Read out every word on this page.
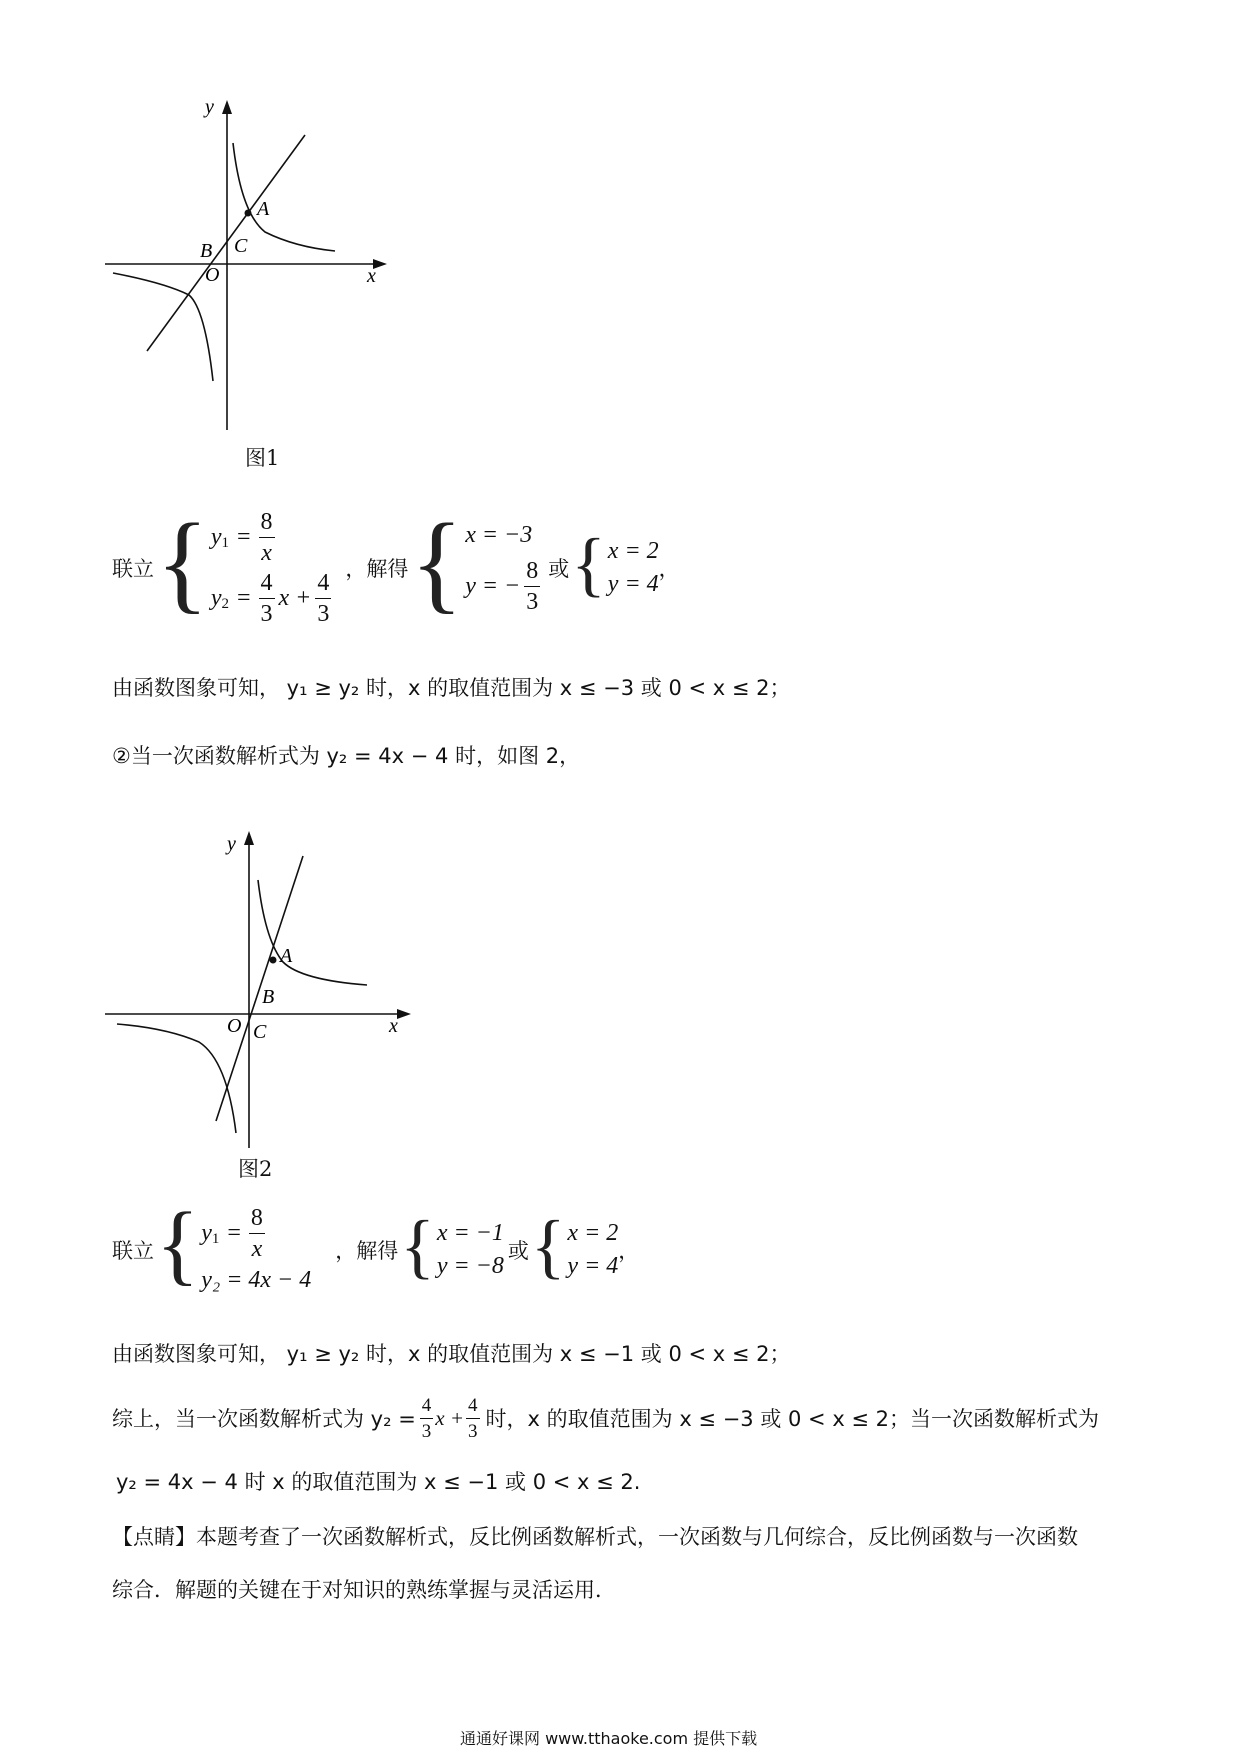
y
x
A
B C
O
图1
联立 { y $1 = \frac{8}{x}$
y $2 = \frac{4}{3}$ $x + \frac{4}{3}$
，解得 { x = −3
y = − $\frac{8}{3}$ 或 { x = 2
y = 4
，
由函数图象可知， y₁ ≥ y₂ 时，x 的取值范围为 x ≤ −3 或 0 < x ≤ 2；
②当一次函数解析式为 y₂ = 4x − 4 时，如图 2，
y
x
A
B
C
O
图2
联立 { y $1 = \frac{8}{x}$
y₂ = 4x − 4
，解得 { x = −1
y = −8
或 { x = 2
y = 4
，
由函数图象可知， y₁ ≥ y₂ 时，x 的取值范围为 x ≤ −1 或 0 < x ≤ 2；
综上，当一次函数解析式为 $y_2 = \frac{4}{3}$ $x + \frac{4}{3}$ 时，x 的取值范围为 x ≤ −3 或 0 < x ≤ 2；当一次函数解析式为
y₂ = 4x − 4 时 x 的取值范围为 x ≤ −1 或 0 < x ≤ 2.
【点睛】本题考查了一次函数解析式，反比例函数解析式，一次函数与几何综合，反比例函数与一次函数
综合．解题的关键在于对知识的熟练掌握与灵活运用．
通通好课网 www.tthaoke.com 提供下载
